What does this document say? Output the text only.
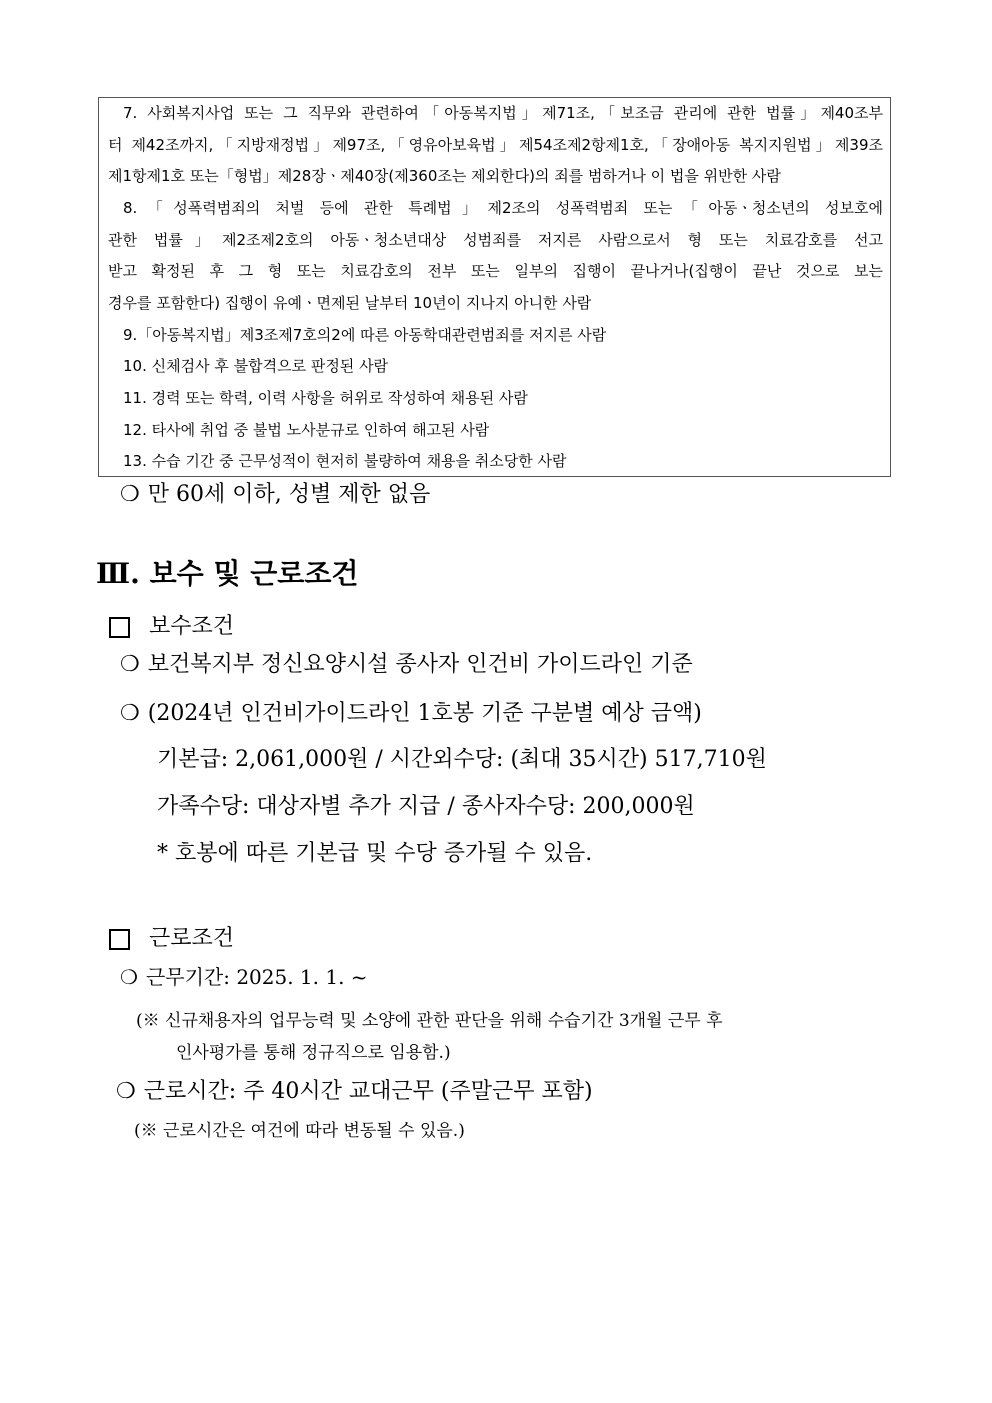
7. 사회복지사업 또는 그 직무와 관련하여「아동복지법」제71조,「보조금 관리에 관한 법률」제40조부
터 제42조까지,「지방재정법」제97조,「영유아보육법」제54조제2항제1호,「장애아동 복지지원법」제39조
제1항제1호 또는「형법」제28장ㆍ제40장(제360조는 제외한다)의 죄를 범하거나 이 법을 위반한 사람
8.「성폭력범죄의 처벌 등에 관한 특례법」제2조의 성폭력범죄 또는「아동ㆍ청소년의 성보호에
관한 법률」제2조제2호의 아동ㆍ청소년대상 성범죄를 저지른 사람으로서 형 또는 치료감호를 선고
받고 확정된 후 그 형 또는 치료감호의 전부 또는 일부의 집행이 끝나거나(집행이 끝난 것으로 보는
경우를 포함한다) 집행이 유예ㆍ면제된 날부터 10년이 지나지 아니한 사람
9.「아동복지법」제3조제7호의2에 따른 아동학대관련범죄를 저지른 사람
10. 신체검사 후 불합격으로 판정된 사람
11. 경력 또는 학력, 이력 사항을 허위로 작성하여 채용된 사람
12. 타사에 취업 중 불법 노사분규로 인하여 해고된 사람
13. 수습 기간 중 근무성적이 현저히 불량하여 채용을 취소당한 사람
❍ 만 60세 이하, 성별 제한 없음
Ⅲ. 보수 및 근로조건
보수조건
❍ 보건복지부 정신요양시설 종사자 인건비 가이드라인 기준
❍ (2024년 인건비가이드라인 1호봉 기준 구분별 예상 금액)
기본급: 2,061,000원 / 시간외수당: (최대 35시간) 517,710원
가족수당: 대상자별 추가 지급 / 종사자수당: 200,000원
* 호봉에 따른 기본급 및 수당 증가될 수 있음.
근로조건
❍ 근무기간: 2025. 1. 1. ~
(※ 신규채용자의 업무능력 및 소양에 관한 판단을 위해 수습기간 3개월 근무 후
인사평가를 통해 정규직으로 임용함.)
❍ 근로시간: 주 40시간 교대근무 (주말근무 포함)
(※ 근로시간은 여건에 따라 변동될 수 있음.)
